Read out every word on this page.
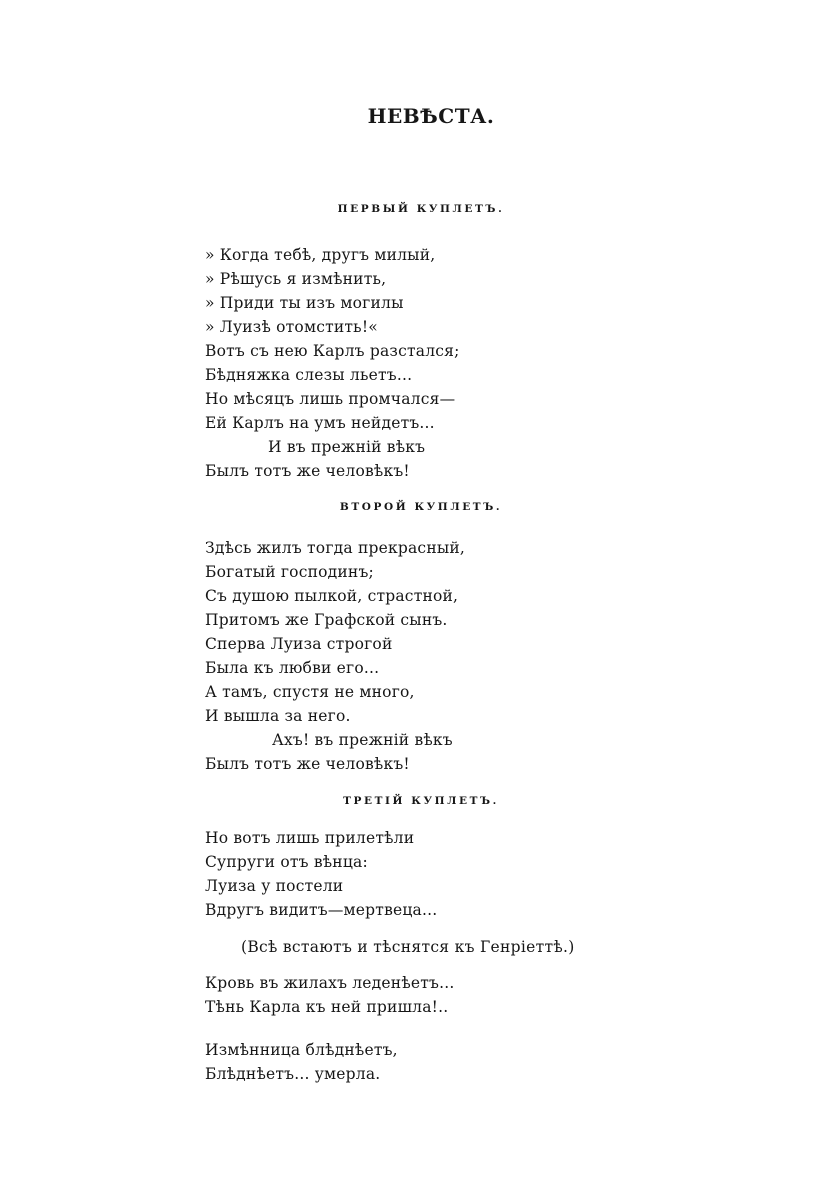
НЕВѢСТА.
ПЕРВЫЙ КУПЛЕТЪ.
» Когда тебѣ, другъ милый,
» Рѣшусь я измѣнить,
» Приди ты изъ могилы
» Луизѣ отомстить!«
Вотъ съ нею Карлъ разстался;
Бѣдняжка слезы льетъ...
Но мѣсяцъ лишь промчался—
Ей Карлъ на умъ нейдетъ...
И въ прежній вѣкъ
Былъ тотъ же человѣкъ!
ВТОРОЙ КУПЛЕТЪ.
Здѣсь жилъ тогда прекрасный,
Богатый господинъ;
Съ душою пылкой, страстной,
Притомъ же Графской сынъ.
Сперва Луиза строгой
Была къ любви его...
А тамъ, спустя не много,
И вышла за него.
Ахъ! въ прежній вѣкъ
Былъ тотъ же человѣкъ!
ТРЕТІЙ КУПЛЕТЪ.
Но вотъ лишь прилетѣли
Супруги отъ вѣнца:
Луиза у постели
Вдругъ видитъ—мертвеца...
(Всѣ встаютъ и тѣснятся къ Генріеттѣ.)
Кровь въ жилахъ леденѣетъ...
Тѣнь Карла къ ней пришла!..
Измѣнница блѣднѣетъ,
Блѣднѣетъ... умерла.
